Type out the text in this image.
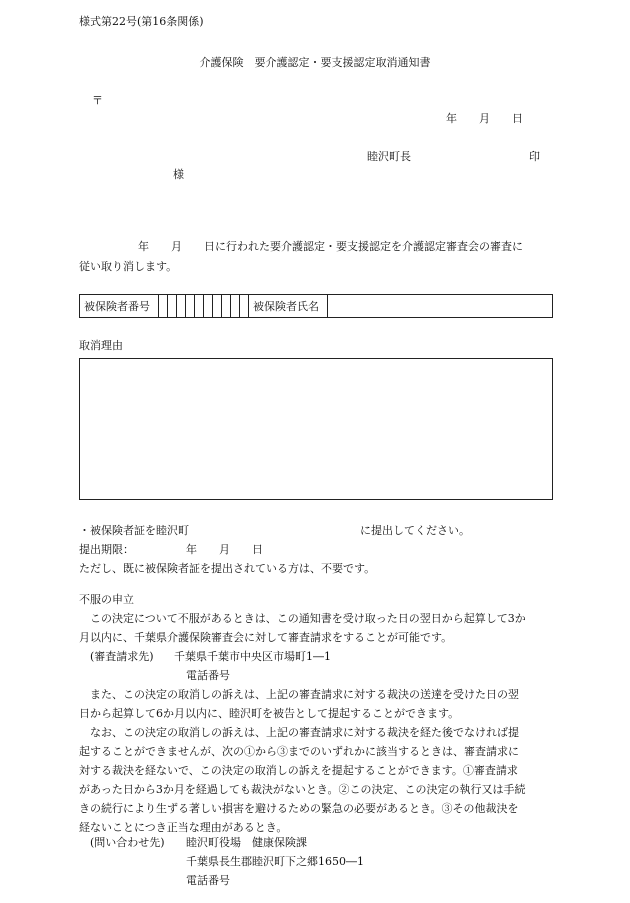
様式第22号(第16条関係)
介護保険　要介護認定・要支援認定取消通知書
〒
年　　月　　日
睦沢町長	印
様
年　　月　　日に行われた要介護認定・要支援認定を介護認定審査会の審査に
従い取り消します。
被保険者番号											被保険者氏名	
取消理由
・被保険者証を睦沢町	に提出してください。
提出期限：	年　　月　　日
ただし、既に被保険者証を提出されている方は、不要です。
不服の申立
この決定について不服があるときは、この通知書を受け取った日の翌日から起算して3か
月以内に、千葉県介護保険審査会に対して審査請求をすることが可能です。
(審査請求先) 千葉県千葉市中央区市場町1―1
電話番号
また、この決定の取消しの訴えは、上記の審査請求に対する裁決の送達を受けた日の翌
日から起算して6か月以内に、睦沢町を被告として提起することができます。
なお、この決定の取消しの訴えは、上記の審査請求に対する裁決を経た後でなければ提
起することができませんが、次の①から③までのいずれかに該当するときは、審査請求に
対する裁決を経ないで、この決定の取消しの訴えを提起することができます。①審査請求
があった日から3か月を経過しても裁決がないとき。②この決定、この決定の執行又は手続
きの続行により生ずる著しい損害を避けるための緊急の必要があるとき。③その他裁決を
経ないことにつき正当な理由があるとき。
(問い合わせ先) 睦沢町役場　健康保険課
千葉県長生郡睦沢町下之郷1650―1
電話番号
